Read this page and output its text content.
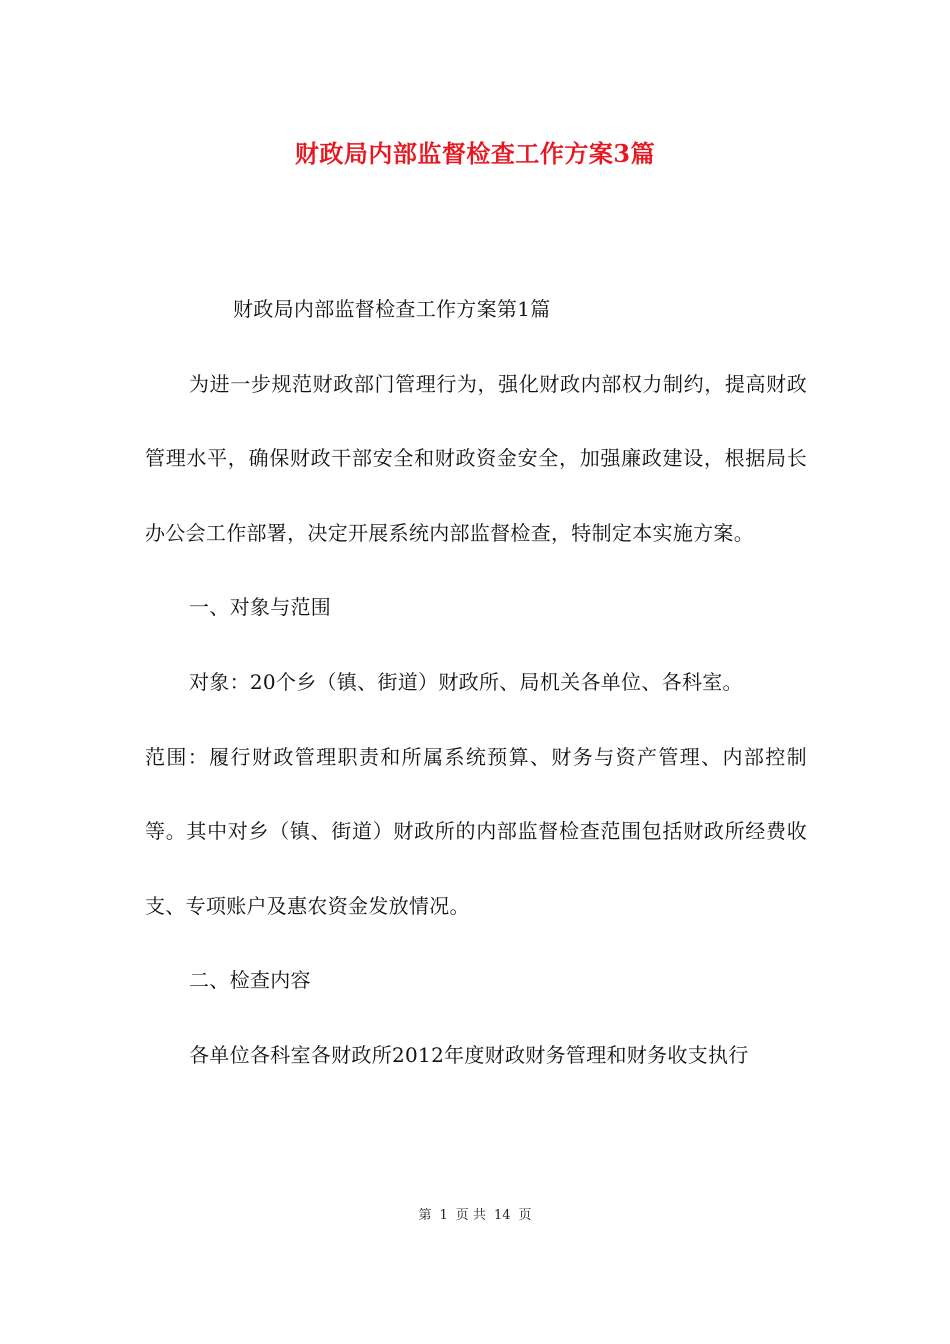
财政局内部监督检查工作方案3篇

财政局内部监督检查工作方案第1篇

为进一步规范财政部门管理行为，强化财政内部权力制约，提高财政管理水平，确保财政干部安全和财政资金安全，加强廉政建设，根据局长办公会工作部署，决定开展系统内部监督检查，特制定本实施方案。

一、对象与范围

对象：20个乡（镇、街道）财政所、局机关各单位、各科室。

范围：履行财政管理职责和所属系统预算、财务与资产管理、内部控制等。其中对乡（镇、街道）财政所的内部监督检查范围包括财政所经费收支、专项账户及惠农资金发放情况。

二、检查内容

各单位各科室各财政所2012年度财政财务管理和财务收支执行

第 1 页 共 14 页
